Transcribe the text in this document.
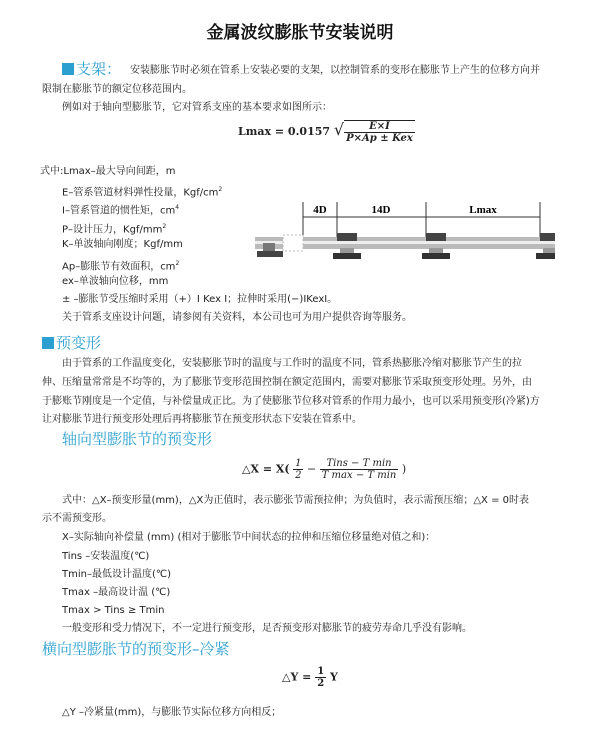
金属波纹膨胀节安装说明
支架： 安装膨胀节时必须在管系上安装必要的支架，以控制管系的变形在膨胀节上产生的位移方向并
限制在膨胀节的额定位移范围内。
例如对于轴向型膨胀节，它对管系支座的基本要求如图所示：
Lmax = 0.0157 √ $\frac{E\times I}{\text{P×Ap ± Kex}}$
式中:Lmax–最大导向间距，m
E–管系管道材料弹性投量，Kgf/$cm^2$
I–管系管道的惯性矩，$cm^4$
P–设计压力，Kgf/$mm^2$
K–单波轴向刚度；Kgf/mm
Ap–膨胀节有效面积，$cm^2$
ex–单波轴向位移，mm
± –膨胀节受压缩时采用（+）I Kex I；拉伸时采用(−)IKexI。
关于管系支座设计问题，请参阅有关资料，本公司也可为用户提供咨询等服务。
4D	14D	Lmax
预变形
由于管系的工作温度变化，安装膨胀节时的温度与工作时的温度不同，管系热膨胀冷缩对膨胀节产生的拉
伸、压缩量常常是不均等的，为了膨胀节变形范围控制在额定范围内，需要对膨胀节采取预变形处理。另外，由
于膨账节刚度是一个定值，与补偿量成正比。为了使膨胀节位移对管系的作用力最小，也可以采用预变形(冷紧)方
让对膨胀节进行预变形处理后再将膨胀节在预变形状态下安装在管系中。
轴向型膨胀节的预变形
△X = $X( \frac{1}{2} - \frac{\text{Tins − T min}}{\text{T max − T min}}$ )
式中：△X–预变形量(mm)，△X为正值时，表示膨张节需预拉伸；为负值时，表示需预压缩；△X = 0时表
示不需预变形。
X–实际轴向补偿量 (mm) (相对于膨胀节中间状态的拉伸和压缩位移量绝对值之和)：
Tins –安装温度(℃)
Tmin–最低设计温度(℃)
Tmax –最高设计温 (℃)
Tmax > Tins ≥ Tmin
一般变形和受力情况下，不一定进行预变形，足否预变形对膨胀节的疲劳寿命几乎没有影响。
横向型膨胀节的预变形–冷紧
△Y = $\frac{1}{2}$ Y
△Y –冷紧量(mm)，与膨胀节实际位移方向相反；
